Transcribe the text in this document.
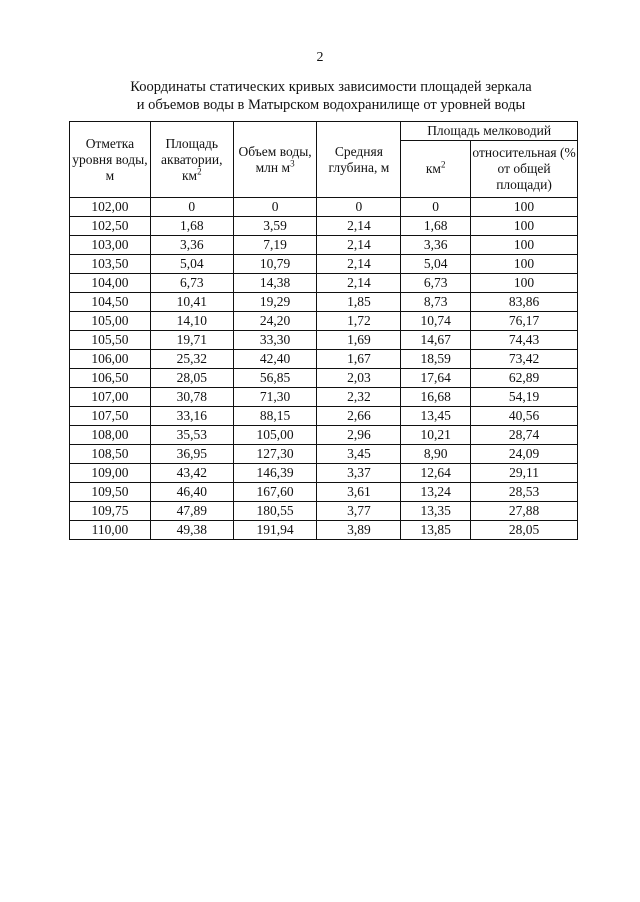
2
Координаты статических кривых зависимости площадей зеркала
и объемов воды в Матырском водохранилище от уровней воды
Отметка уровня воды, м	Площадь акватории, $км^2$	Объем воды, млн $м^3$	Средняя глубина, м	Площадь мелководий	
				$км^2$	относительная (% от общей площади)
102,00	0	0	0	0	100
102,50	1,68	3,59	2,14	1,68	100
103,00	3,36	7,19	2,14	3,36	100
103,50	5,04	10,79	2,14	5,04	100
104,00	6,73	14,38	2,14	6,73	100
104,50	10,41	19,29	1,85	8,73	83,86
105,00	14,10	24,20	1,72	10,74	76,17
105,50	19,71	33,30	1,69	14,67	74,43
106,00	25,32	42,40	1,67	18,59	73,42
106,50	28,05	56,85	2,03	17,64	62,89
107,00	30,78	71,30	2,32	16,68	54,19
107,50	33,16	88,15	2,66	13,45	40,56
108,00	35,53	105,00	2,96	10,21	28,74
108,50	36,95	127,30	3,45	8,90	24,09
109,00	43,42	146,39	3,37	12,64	29,11
109,50	46,40	167,60	3,61	13,24	28,53
109,75	47,89	180,55	3,77	13,35	27,88
110,00	49,38	191,94	3,89	13,85	28,05
